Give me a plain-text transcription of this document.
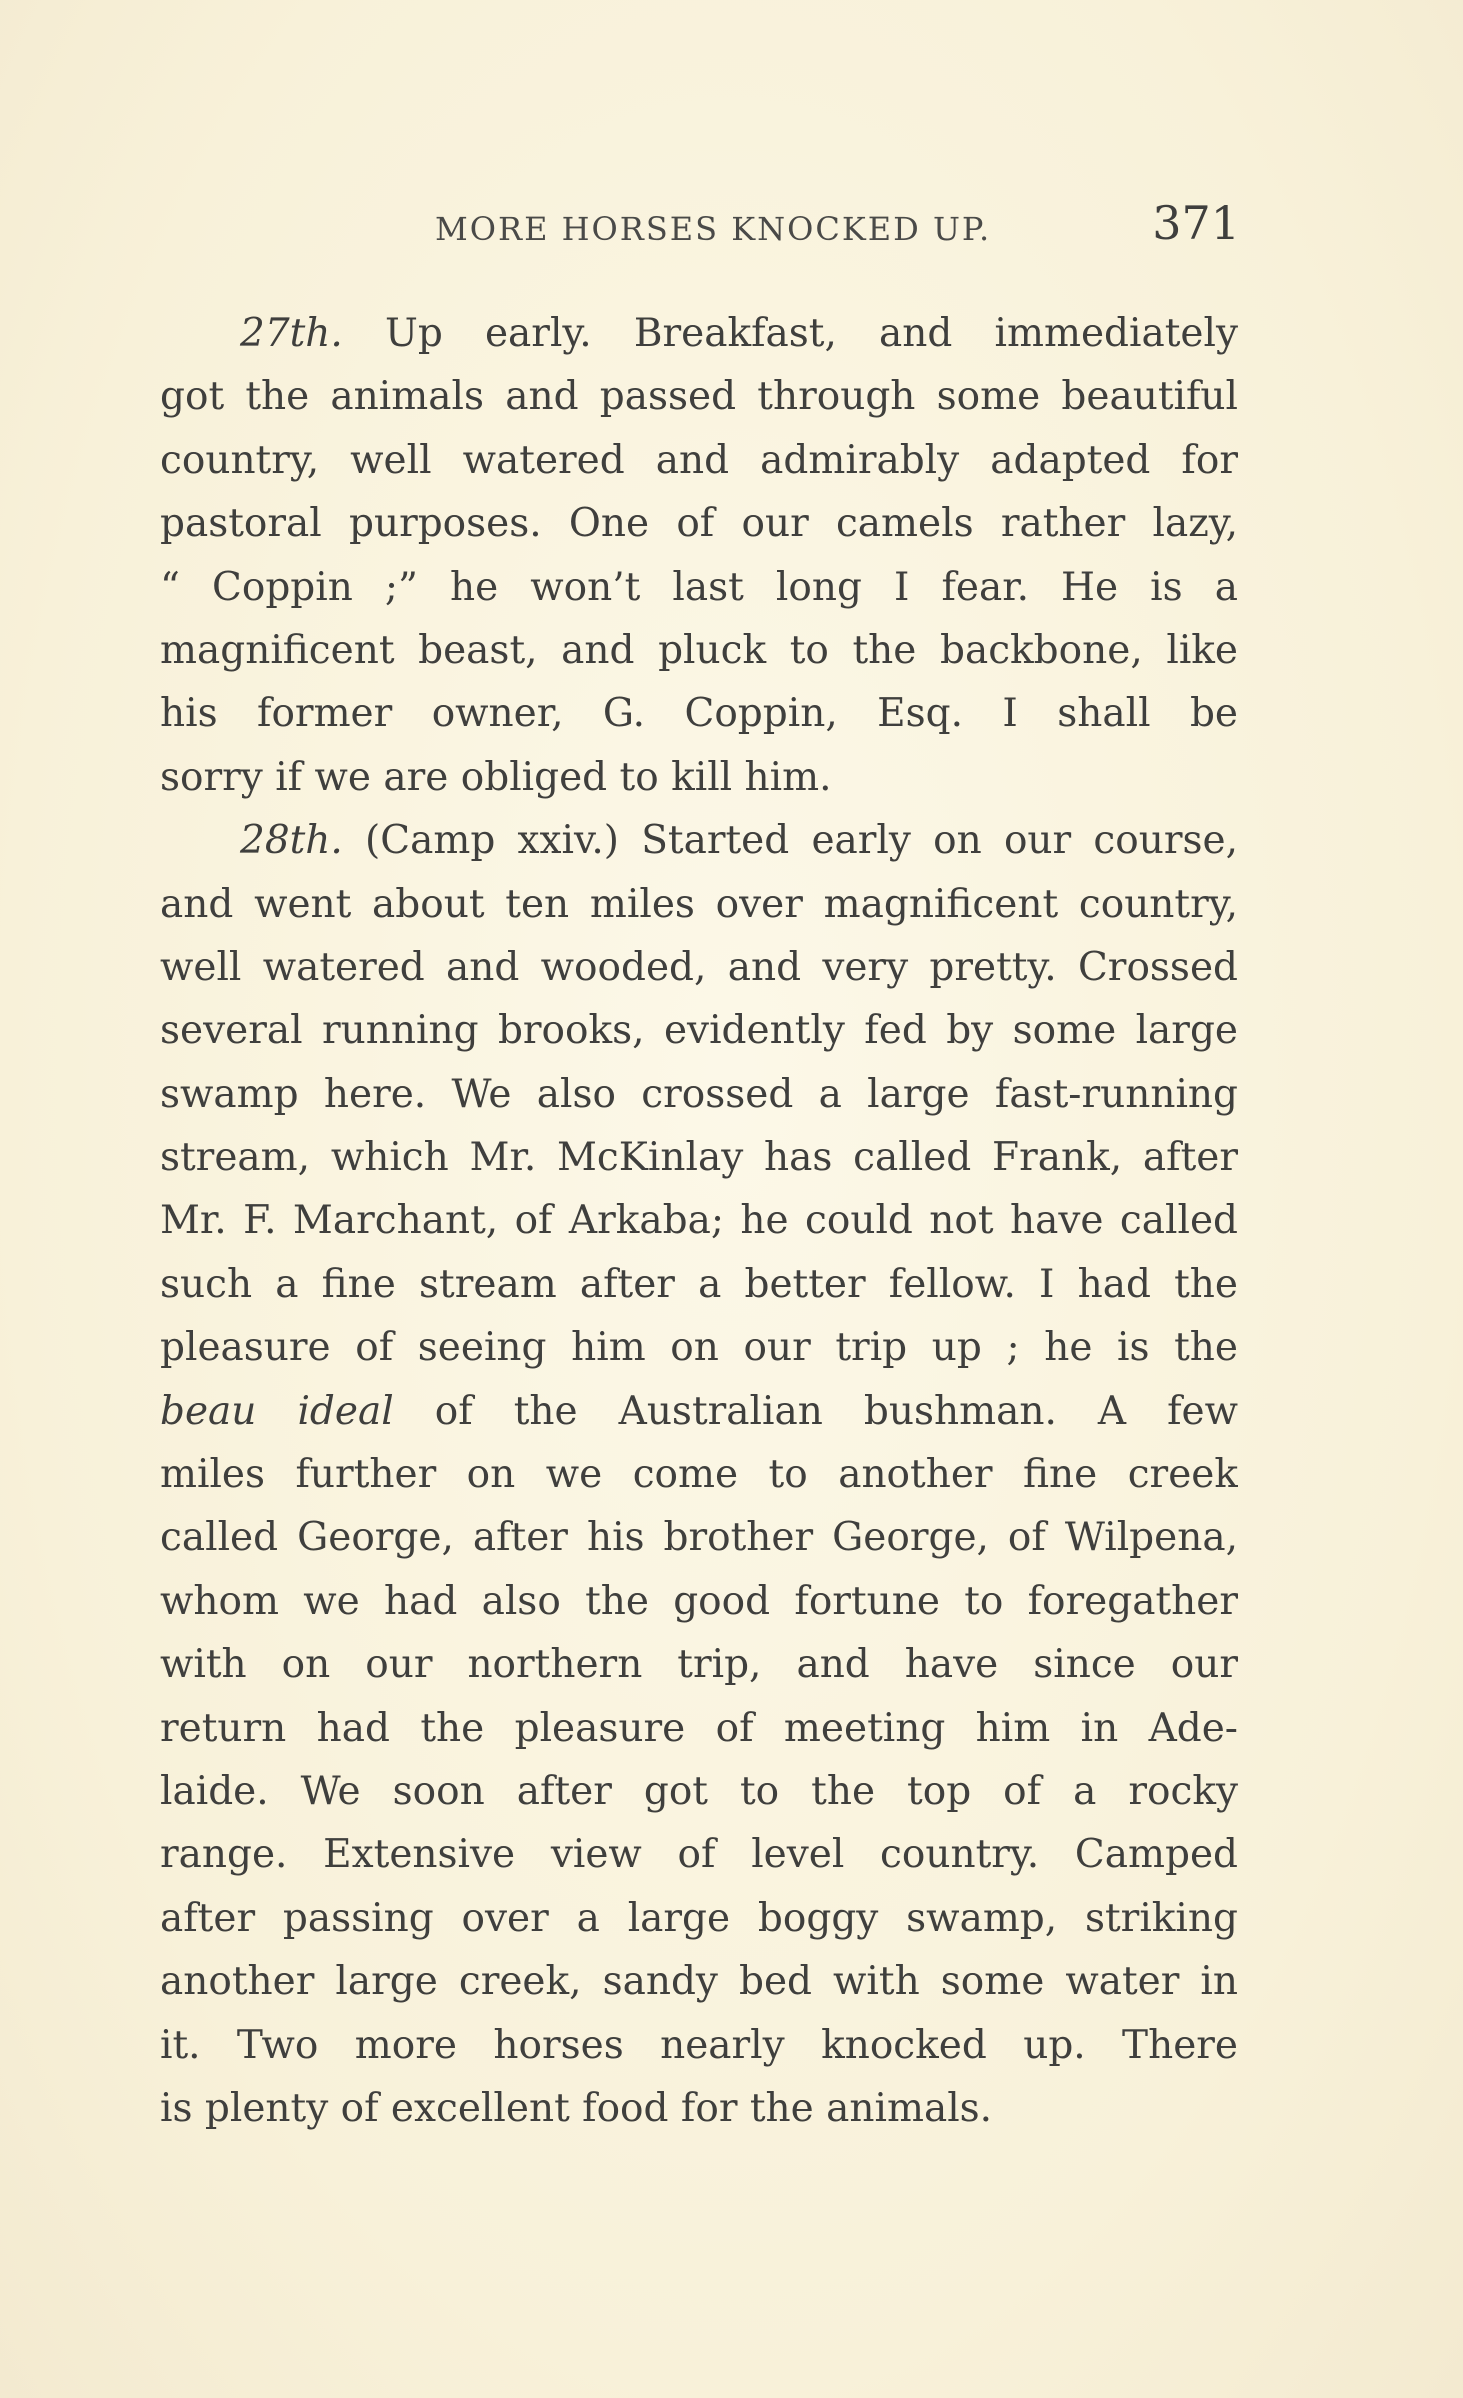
MORE HORSES KNOCKED UP.	371
27th. Up early. Breakfast, and immediately
got the animals and passed through some beautiful
country, well watered and admirably adapted for
pastoral purposes. One of our camels rather lazy,
“ Coppin ;” he won’t last long I fear. He is a
magnificent beast, and pluck to the backbone, like
his former owner, G. Coppin, Esq. I shall be
sorry if we are obliged to kill him.
28th. (Camp xxiv.) Started early on our course,
and went about ten miles over magnificent country,
well watered and wooded, and very pretty. Crossed
several running brooks, evidently fed by some large
swamp here. We also crossed a large fast-running
stream, which Mr. McKinlay has called Frank, after
Mr. F. Marchant, of Arkaba; he could not have called
such a fine stream after a better fellow. I had the
pleasure of seeing him on our trip up ; he is the
beau ideal of the Australian bushman. A few
miles further on we come to another fine creek
called George, after his brother George, of Wilpena,
whom we had also the good fortune to foregather
with on our northern trip, and have since our
return had the pleasure of meeting him in Ade-
laide. We soon after got to the top of a rocky
range. Extensive view of level country. Camped
after passing over a large boggy swamp, striking
another large creek, sandy bed with some water in
it. Two more horses nearly knocked up. There
is plenty of excellent food for the animals.
